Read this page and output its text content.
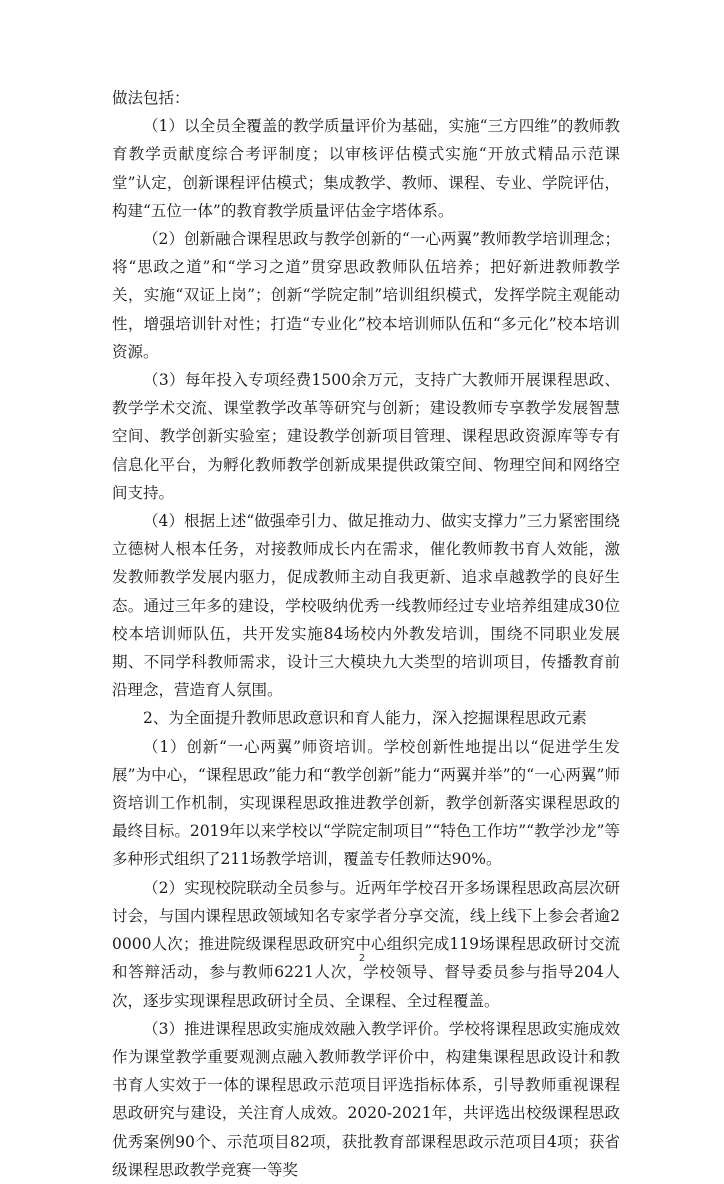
做法包括：

（1）以全员全覆盖的教学质量评价为基础，实施“三方四维”的教师教育教学贡献度综合考评制度；以审核评估模式实施“开放式精品示范课堂”认定，创新课程评估模式；集成教学、教师、课程、专业、学院评估，构建“五位一体”的教育教学质量评估金字塔体系。

（2）创新融合课程思政与教学创新的“一心两翼”教师教学培训理念；将“思政之道”和“学习之道”贯穿思政教师队伍培养；把好新进教师教学关，实施“双证上岗”；创新“学院定制”培训组织模式，发挥学院主观能动性，增强培训针对性；打造“专业化”校本培训师队伍和“多元化”校本培训资源。

（3）每年投入专项经费1500余万元，支持广大教师开展课程思政、教学学术交流、课堂教学改革等研究与创新；建设教师专享教学发展智慧空间、教学创新实验室；建设教学创新项目管理、课程思政资源库等专有信息化平台，为孵化教师教学创新成果提供政策空间、物理空间和网络空间支持。

（4）根据上述“做强牵引力、做足推动力、做实支撑力”三力紧密围绕立德树人根本任务，对接教师成长内在需求，催化教师教书育人效能，激发教师教学发展内驱力，促成教师主动自我更新、追求卓越教学的良好生态。通过三年多的建设，学校吸纳优秀一线教师经过专业培养组建成30位校本培训师队伍，共开发实施84场校内外教发培训，围绕不同职业发展期、不同学科教师需求，设计三大模块九大类型的培训项目，传播教育前沿理念，营造育人氛围。

2、为全面提升教师思政意识和育人能力，深入挖掘课程思政元素

（1）创新“一心两翼”师资培训。学校创新性地提出以“促进学生发展”为中心，“课程思政”能力和“教学创新”能力“两翼并举”的“一心两翼”师资培训工作机制，实现课程思政推进教学创新，教学创新落实课程思政的最终目标。2019年以来学校以“学院定制项目”“特色工作坊”“教学沙龙”等多种形式组织了211场教学培训，覆盖专任教师达90%。

（2）实现校院联动全员参与。近两年学校召开多场课程思政高层次研讨会，与国内课程思政领域知名专家学者分享交流，线上线下上参会者逾20000人次；推进院级课程思政研究中心组织完成119场课程思政研讨交流和答辩活动，参与教师6221人次，学校领导、督导委员参与指导204人次，逐步实现课程思政研讨全员、全课程、全过程覆盖。

（3）推进课程思政实施成效融入教学评价。学校将课程思政实施成效作为课堂教学重要观测点融入教师教学评价中，构建集课程思政设计和教书育人实效于一体的课程思政示范项目评选指标体系，引导教师重视课程思政研究与建设，关注育人成效。2020-2021年，共评选出校级课程思政优秀案例90个、示范项目82项，获批教育部课程思政示范项目4项；获省级课程思政教学竞赛一等奖

2
